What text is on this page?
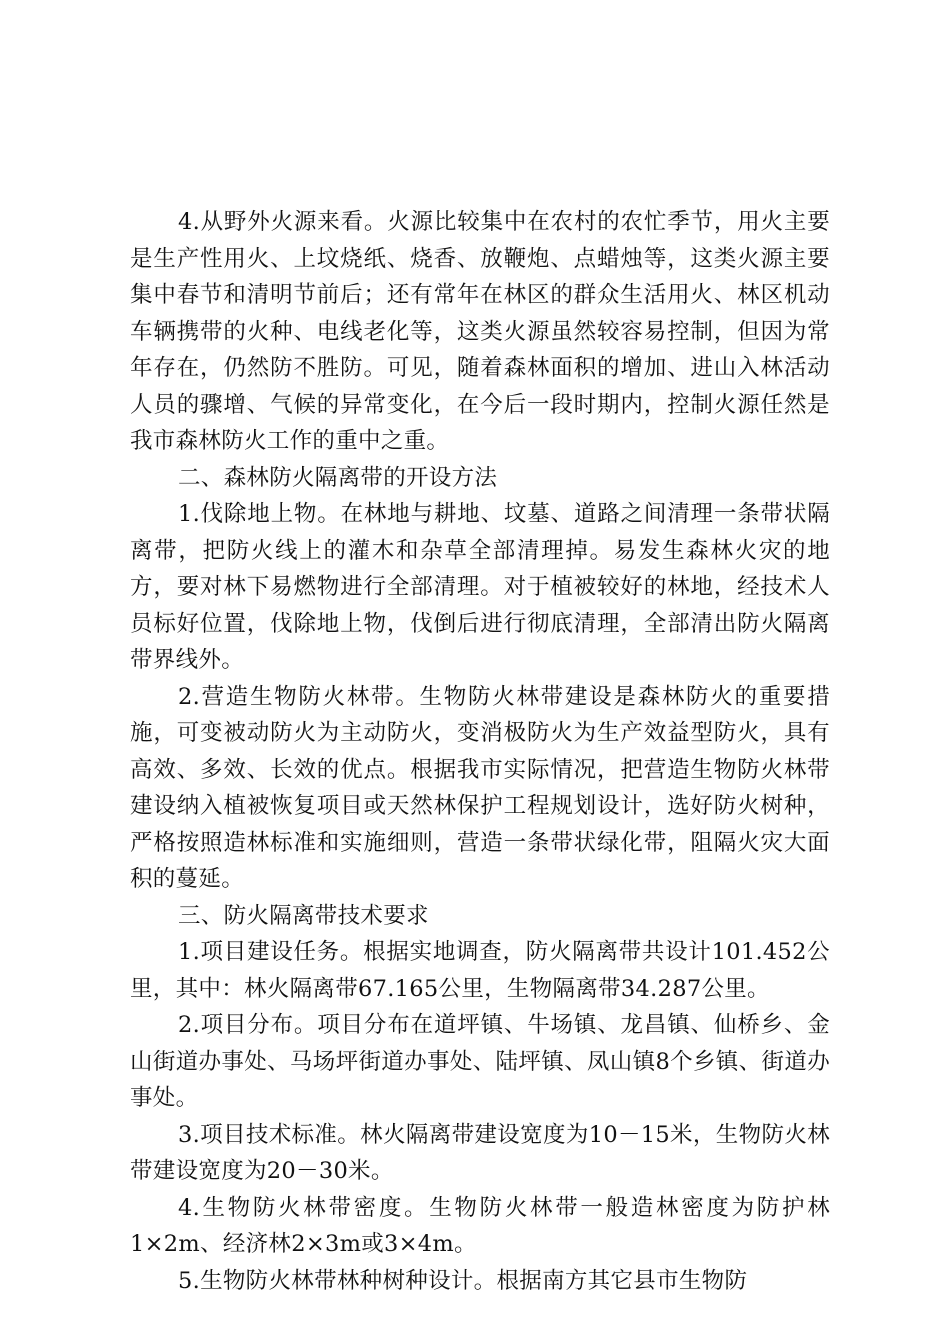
4.从野外火源来看。火源比较集中在农村的农忙季节，用火主要是生产性用火、上坟烧纸、烧香、放鞭炮、点蜡烛等，这类火源主要集中春节和清明节前后；还有常年在林区的群众生活用火、林区机动车辆携带的火种、电线老化等，这类火源虽然较容易控制，但因为常年存在，仍然防不胜防。可见，随着森林面积的增加、进山入林活动人员的骤增、气候的异常变化，在今后一段时期内，控制火源任然是我市森林防火工作的重中之重。

二、森林防火隔离带的开设方法

1.伐除地上物。在林地与耕地、坟墓、道路之间清理一条带状隔离带，把防火线上的灌木和杂草全部清理掉。易发生森林火灾的地方，要对林下易燃物进行全部清理。对于植被较好的林地，经技术人员标好位置，伐除地上物，伐倒后进行彻底清理，全部清出防火隔离带界线外。

2.营造生物防火林带。生物防火林带建设是森林防火的重要措施，可变被动防火为主动防火，变消极防火为生产效益型防火，具有高效、多效、长效的优点。根据我市实际情况，把营造生物防火林带建设纳入植被恢复项目或天然林保护工程规划设计，选好防火树种，严格按照造林标准和实施细则，营造一条带状绿化带，阻隔火灾大面积的蔓延。

三、防火隔离带技术要求

1.项目建设任务。根据实地调查，防火隔离带共设计101.452公里，其中：林火隔离带67.165公里，生物隔离带34.287公里。

2.项目分布。项目分布在道坪镇、牛场镇、龙昌镇、仙桥乡、金山街道办事处、马场坪街道办事处、陆坪镇、凤山镇8个乡镇、街道办事处。

3.项目技术标准。林火隔离带建设宽度为10－15米，生物防火林带建设宽度为20－30米。

4.生物防火林带密度。生物防火林带一般造林密度为防护林1×2m、经济林2×3m或3×4m。

5.生物防火林带林种树种设计。根据南方其它县市生物防
